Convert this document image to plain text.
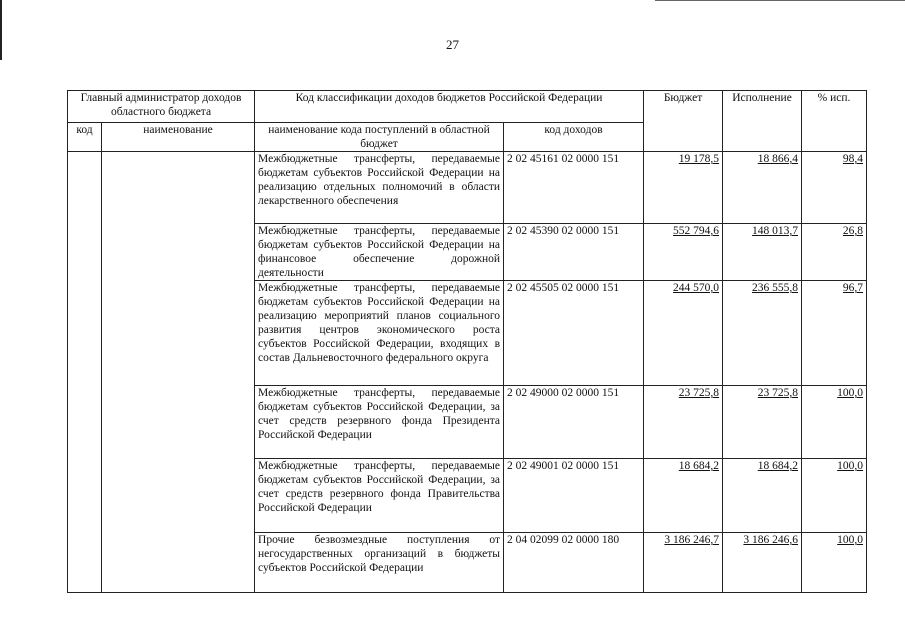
27
Главный администратор доходов областного бюджета		Код классификации доходов бюджетов Российской Федерации		Бюджет	Исполнение	% исп.
код	наименование	наименование кода поступлений в областной бюджет	код доходов			
		Межбюджетные трансферты, передаваемые бюджетам субъектов Российской Федерации на реализацию отдельных полномочий в области лекарственного обеспечения	2 02 45161 02 0000 151	19 178,5	18 866,4	98,4
		Межбюджетные трансферты, передаваемые бюджетам субъектов Российской Федерации на финансовое обеспечение дорожной деятельности	2 02 45390 02 0000 151	552 794,6	148 013,7	26,8
		Межбюджетные трансферты, передаваемые бюджетам субъектов Российской Федерации на реализацию мероприятий планов социального развития центров экономического роста субъектов Российской Федерации, входящих в состав Дальневосточного федерального округа	2 02 45505 02 0000 151	244 570,0	236 555,8	96,7
		Межбюджетные трансферты, передаваемые бюджетам субъектов Российской Федерации, за счет средств резервного фонда Президента Российской Федерации	2 02 49000 02 0000 151	23 725,8	23 725,8	100,0
		Межбюджетные трансферты, передаваемые бюджетам субъектов Российской Федерации, за счет средств резервного фонда Правительства Российской Федерации	2 02 49001 02 0000 151	18 684,2	18 684,2	100,0
		Прочие безвозмездные поступления от негосударственных организаций в бюджеты субъектов Российской Федерации	2 04 02099 02 0000 180	3 186 246,7	3 186 246,6	100,0
